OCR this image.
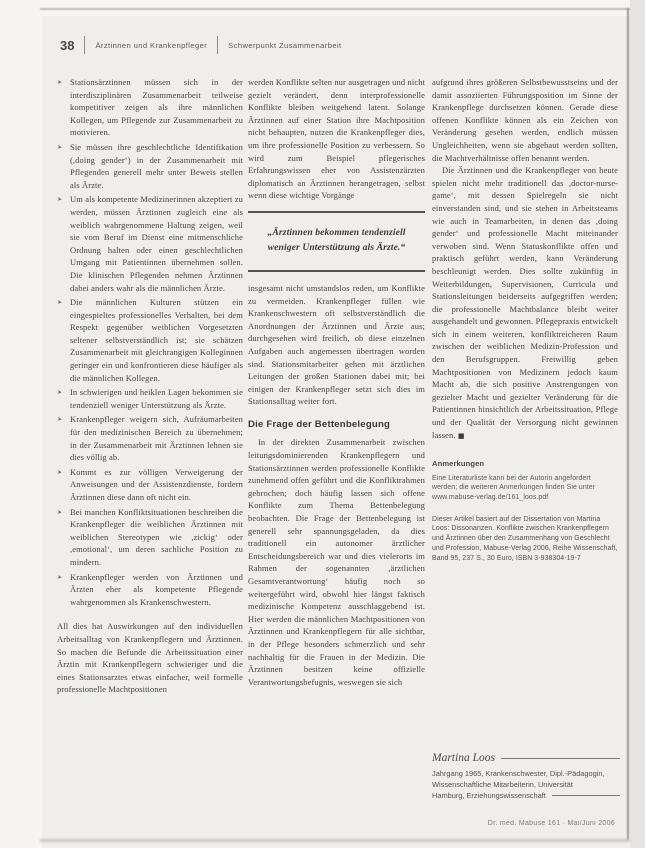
38	Ärztinnen und Krankenpfleger	Schwerpunkt Zusammenarbeit
➤ Stationsärztinnen müssen sich in der interdisziplinären Zusammenarbeit teilweise kompetitiver zeigen als ihre männlichen Kollegen, um Pflegende zur Zusammenarbeit zu motivieren.
➤ Sie müssen ihre geschlechtliche Identifikation (,doing gender‘) in der Zusammenarbeit mit Pflegenden generell mehr unter Beweis stellen als Ärzte.
➤ Um als kompetente Medizinerinnen akzeptiert zu werden, müssen Ärztinnen zugleich eine als weiblich wahrgenommene Haltung zeigen, weil sie vom Beruf im Dienst eine mitmenschliche Ordnung halten oder einen geschlechtlichen Umgang mit Patientinnen übernehmen sollen. Die klinischen Pflegenden nehmen Ärztinnen dabei anders wahr als die männlichen Ärzte.
➤ Die männlichen Kulturen stützen ein eingespieltes professionelles Verhalten, bei dem Respekt gegenüber weiblichen Vorgesetzten seltener selbstverständlich ist; sie schätzen Zusammenarbeit mit gleichrangigen Kolleginnen geringer ein und konfrontieren diese häufiger als die männlichen Kollegen.
➤ In schwierigen und heiklen Lagen bekommen sie tendenziell weniger Unterstützung als Ärzte.
➤ Krankenpfleger weigern sich, Aufräumarbeiten für den medizinischen Bereich zu übernehmen; in der Zusammenarbeit mit Ärztinnen lehnen sie dies völlig ab.
➤ Kommt es zur völligen Verweigerung der Anweisungen und der Assistenzdienste, fordern Ärztinnen diese dann oft nicht ein.
➤ Bei manchen Konfliktsituationen beschreiben die Krankenpfleger die weiblichen Ärztinnen mit weiblichen Stereotypen wie ,zickig‘ oder ,emotional‘, um deren sachliche Position zu mindern.
➤ Krankenpfleger werden von Ärztinnen und Ärzten eher als kompetente Pflegende wahrgenommen als Krankenschwestern.

All dies hat Auswirkungen auf den individuellen Arbeitsalltag von Krankenpflegern und Ärztinnen. So machen die Befunde die Arbeitssituation einer Ärztin mit Krankenpflegern schwieriger und die eines Stationsarztes etwas einfacher, weil formelle professionelle Machtpositionen

werden Konflikte selten nur ausgetragen und nicht gezielt verändert, denn interprofessionelle Konflikte bleiben weitgehend latent. Solange Ärztinnen auf einer Station ihre Machtposition nicht behaupten, nutzen die Krankenpfleger dies, um ihre professionelle Position zu verbessern. So wird zum Beispiel pflegerisches Erfahrungswissen eher von Assistenzärzten diplomatisch an Ärztinnen herangetragen, selbst wenn diese wichtige Vorgänge

„Ärztinnen bekommen tendenziell weniger Unterstützung als Ärzte.“

insgesamt nicht umstandslos reden, um Konflikte zu vermeiden. Krankenpfleger füllen wie Krankenschwestern oft selbstverständlich die Anordnungen der Ärztinnen und Ärzte aus; durchgesehen wird freilich, ob diese einzelnen Aufgaben auch angemessen übertragen worden sind. Stationsmitarbeiter gehen mit ärztlichen Leitungen der großen Stationen dabei mit; bei einigen der Krankenpfleger setzt sich dies im Stationsalltag weiter fort.

Die Frage der Bettenbelegung

In der direkten Zusammenarbeit zwischen leitungsdominierenden Krankenpflegern und Stationsärztinnen werden professionelle Konflikte zunehmend offen geführt und die Konfliktrahmen gebrochen; doch häufig lassen sich offene Konflikte zum Thema Bettenbelegung beobachten. Die Frage der Bettenbelegung ist generell sehr spannungsgeladen, da dies traditionell ein autonomer ärztlicher Entscheidungsbereich war und dies vielerorts im Rahmen der sogenannten ,ärztlichen Gesamtverantwortung‘ häufig noch so weitergeführt wird, obwohl hier längst faktisch medizinische Kompetenz ausschlaggebend ist. Hier werden die männlichen Machtpositionen von Ärztinnen und Krankenpflegern für alle sichtbar, in der Pflege besonders schmerzlich und sehr nachhaltig für die Frauen in der Medizin. Die Ärztinnen besitzen keine offizielle Verantwortungsbefugnis, weswegen sie sich

aufgrund ihres größeren Selbstbewusstseins und der damit assoziierten Führungsposition im Sinne der Krankenpflege durchsetzen können. Gerade diese offenen Konflikte können als ein Zeichen von Veränderung gesehen werden, endlich müssen Ungleichheiten, wenn sie abgebaut werden sollten, die Machtverhältnisse offen benannt werden.

Die Ärztinnen und die Krankenpfleger von heute spielen nicht mehr traditionell das ,doctor-nurse-game‘, mit dessen Spielregeln sie nicht einverstanden sind, und sie stehen in Arbeitsteams wie auch in Teamarbeiten, in denen das ,doing gender‘ und professionelle Macht miteinander verwoben sind. Wenn Statuskonflikte offen und praktisch geführt werden, kann Veränderung beschleunigt werden. Dies sollte zukünftig in Weiterbildungen, Supervisionen, Curricula und Stationsleitungen beiderseits aufgegriffen werden; die professionelle Machtbalance bleibt weiter ausgehandelt und gewonnen. Pflegepraxis entwickelt sich in einem weiteren, konfliktreicheren Raum zwischen der weiblichen Medizin-Profession und den Berufsgruppen. Freiwillig geben Machtpositionen von Medizinern jedoch kaum Macht ab, die sich positive Anstrengungen von gezielter Macht und gezielter Veränderung für die Patientinnen hinsichtlich der Arbeitssituation, Pflege und der Qualität der Versorgung nicht gewinnen lassen. ■

Anmerkungen
Eine Literaturliste kann bei der Autorin angefordert werden; die weiteren Anmerkungen finden Sie unter www.mabuse-verlag.de/161_loos.pdf
Dieser Artikel basiert auf der Dissertation von Martina Loos: Dissonanzen. Konflikte zwischen Krankenpflegern und Ärztinnen über den Zusammenhang von Geschlecht und Profession, Mabuse-Verlag 2006, Reihe Wissenschaft, Band 95, 237 S., 30 Euro, ISBN 3-938304-19-7
Martina Loos
Jahrgang 1965, Krankenschwester, Dipl.-Pädagogin,
Wissenschaftliche Mitarbeiterin, Universität
Hamburg, Erziehungswissenschaft
Dr. med. Mabuse 161 · Mai/Juni 2006
